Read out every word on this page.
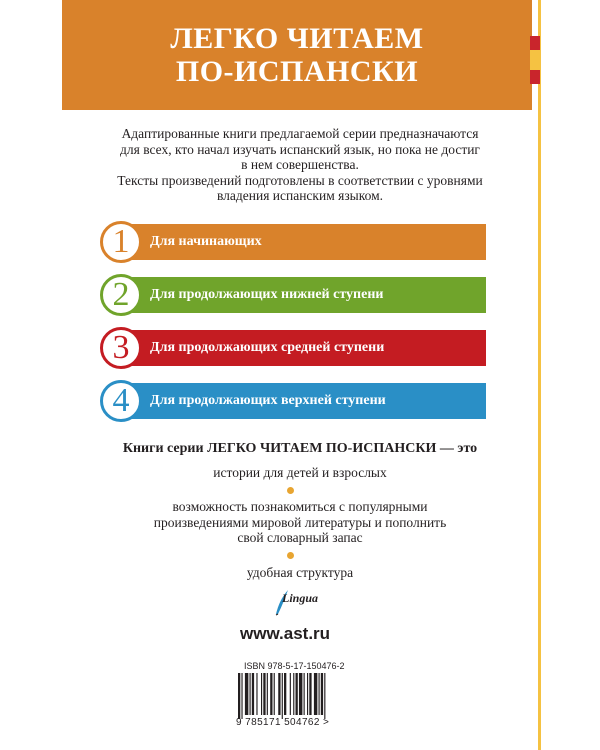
ЛЕГКО ЧИТАЕМ
ПО-ИСПАНСКИ
Адаптированные книги предлагаемой серии предназначаются
для всех, кто начал изучать испанский язык, но пока не достиг
в нем совершенства.
Тексты произведений подготовлены в соответствии с уровнями
владения испанским языком.
1	Для начинающих
2	Для продолжающих нижней ступени
3	Для продолжающих средней ступени
4	Для продолжающих верхней ступени
Книги серии ЛЕГКО ЧИТАЕМ ПО-ИСПАНСКИ — это
истории для детей и взрослых
возможность познакомиться с популярными
произведениями мировой литературы и пополнить
свой словарный запас
удобная структура
Lingua
www.ast.ru
ISBN 978-5-17-150476-2
9 785171 504762 >
